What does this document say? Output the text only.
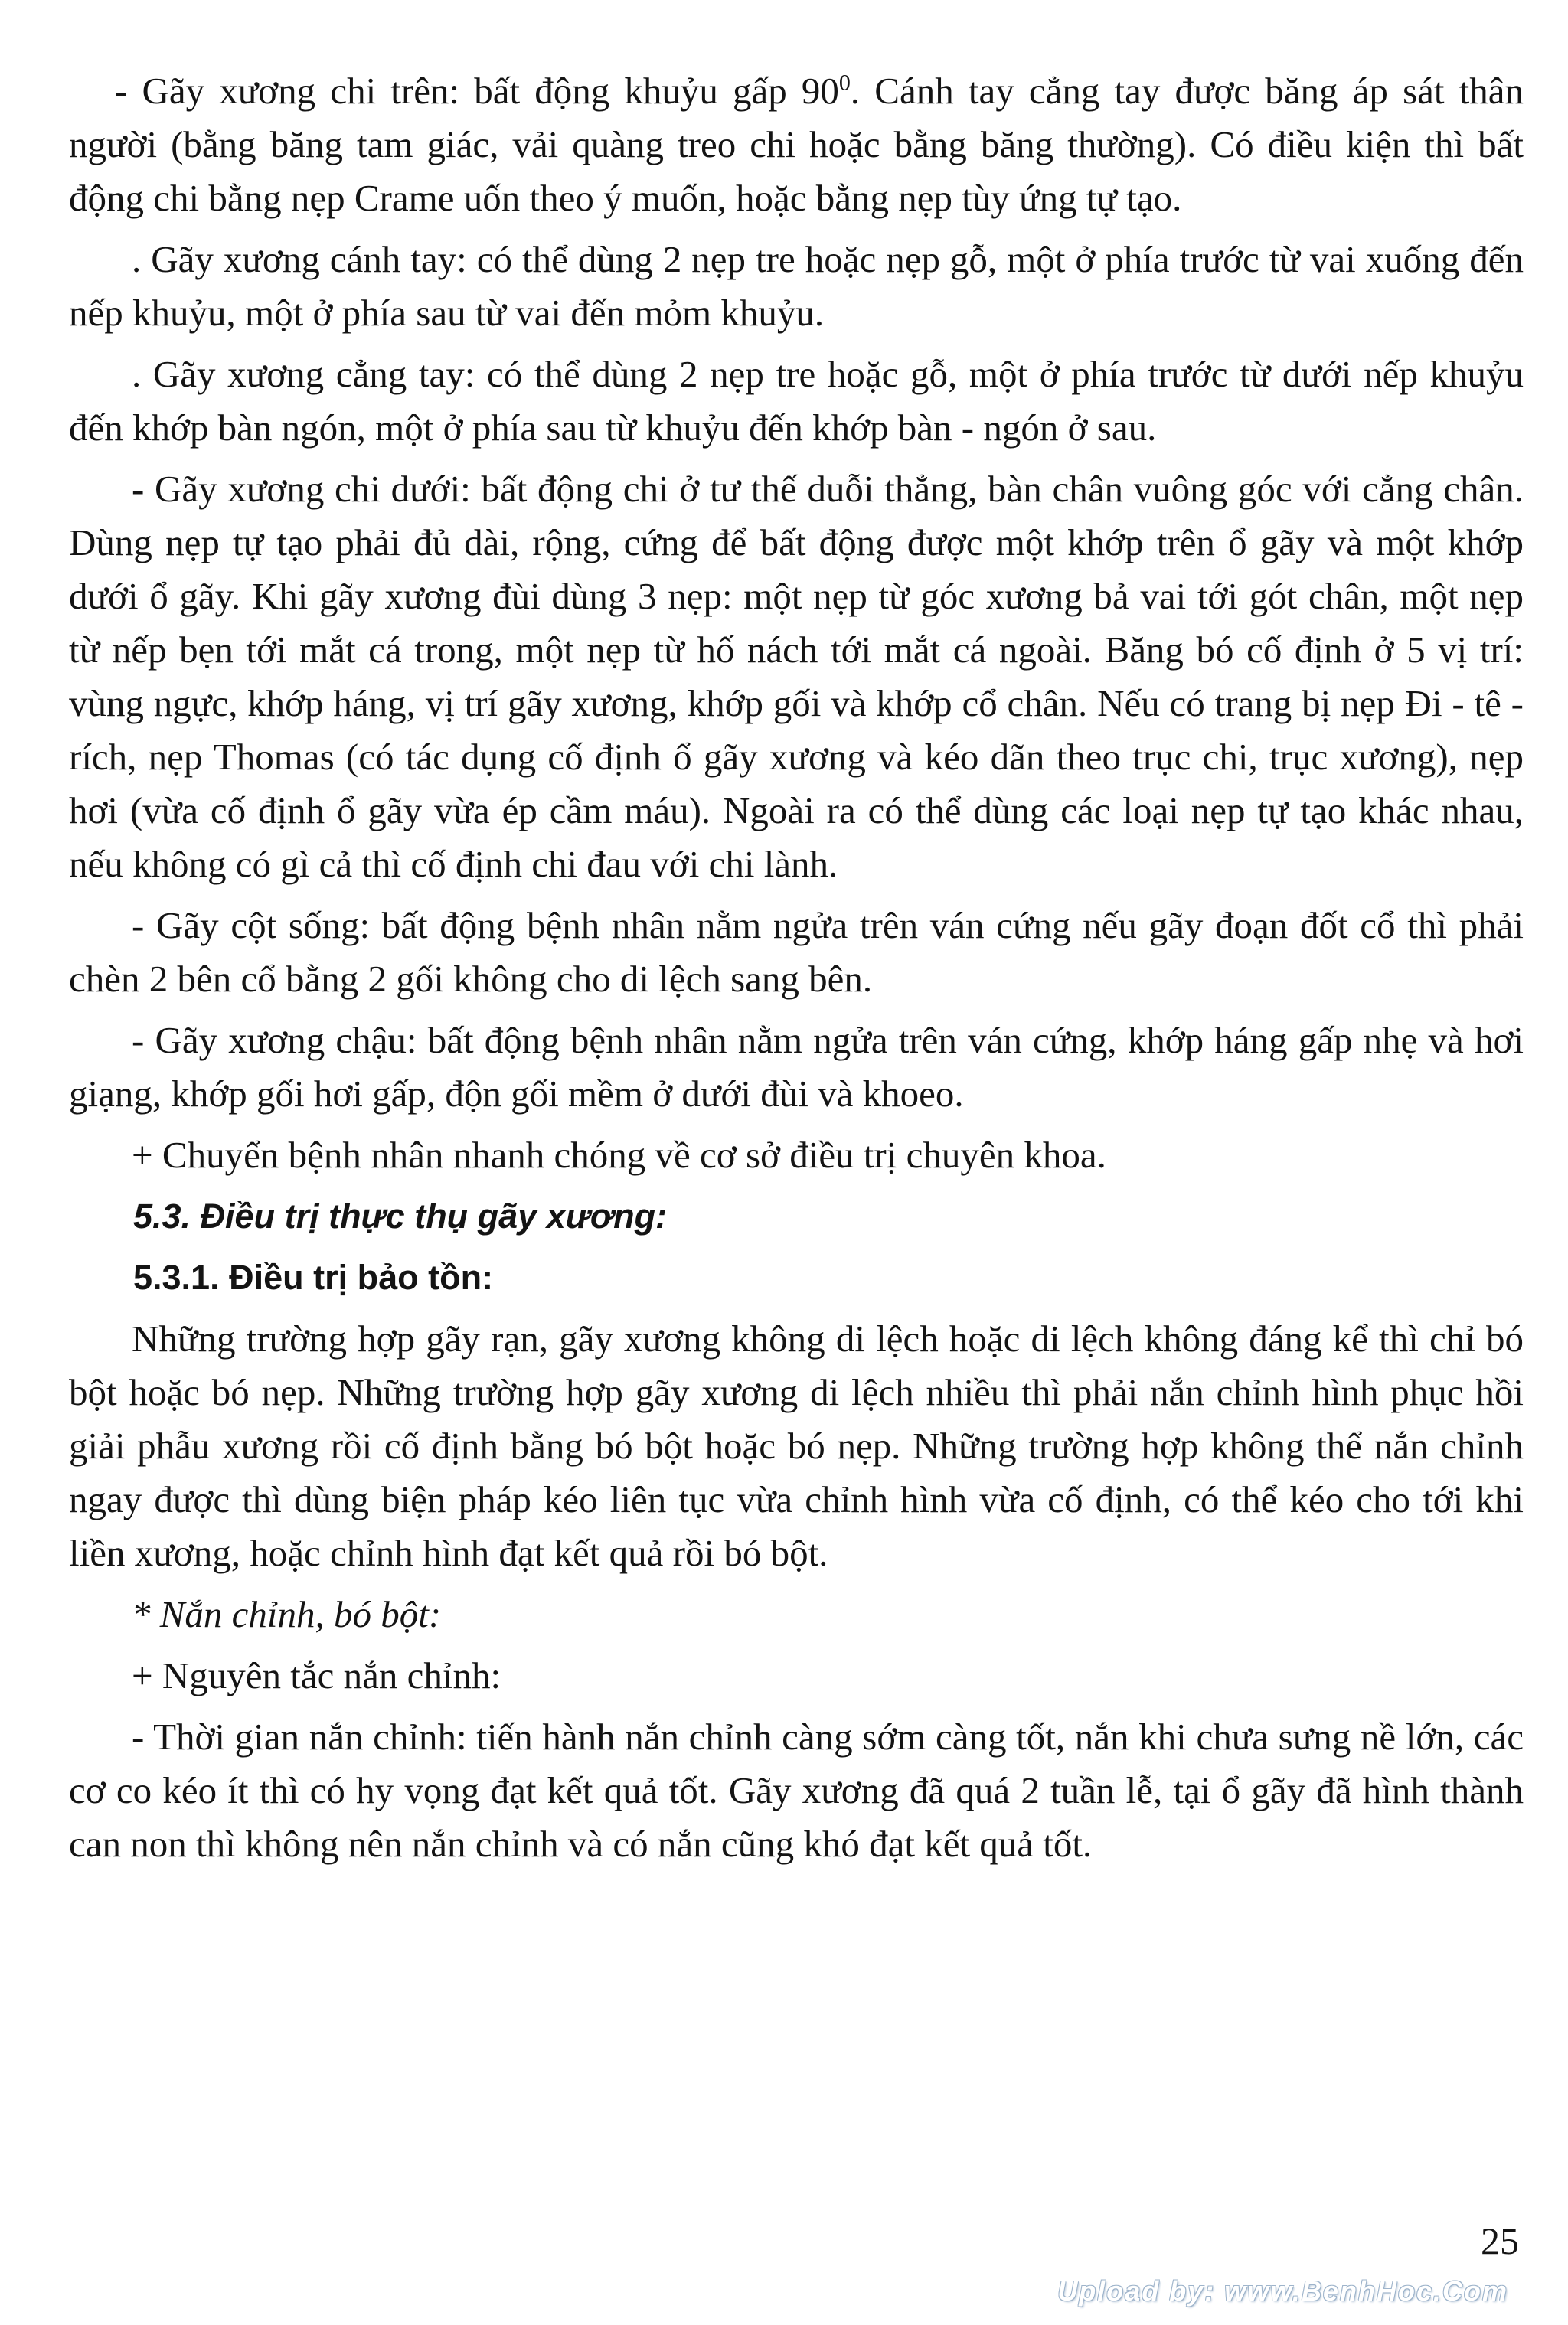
- Gãy xương chi trên: bất động khuỷu gấp $90^0$. Cánh tay cẳng tay được băng áp sát thân người (bằng băng tam giác, vải quàng treo chi hoặc bằng băng thường). Có điều kiện thì bất động chi bằng nẹp Crame uốn theo ý muốn, hoặc bằng nẹp tùy ứng tự tạo.

. Gãy xương cánh tay: có thể dùng 2 nẹp tre hoặc nẹp gỗ, một ở phía trước từ vai xuống đến nếp khuỷu, một ở phía sau từ vai đến mỏm khuỷu.

. Gãy xương cẳng tay: có thể dùng 2 nẹp tre hoặc gỗ, một ở phía trước từ dưới nếp khuỷu đến khớp bàn ngón, một ở phía sau từ khuỷu đến khớp bàn - ngón ở sau.

- Gãy xương chi dưới: bất động chi ở tư thế duỗi thẳng, bàn chân vuông góc với cẳng chân. Dùng nẹp tự tạo phải đủ dài, rộng, cứng để bất động được một khớp trên ổ gãy và một khớp dưới ổ gãy. Khi gãy xương đùi dùng 3 nẹp: một nẹp từ góc xương bả vai tới gót chân, một nẹp từ nếp bẹn tới mắt cá trong, một nẹp từ hố nách tới mắt cá ngoài. Băng bó cố định ở 5 vị trí: vùng ngực, khớp háng, vị trí gãy xương, khớp gối và khớp cổ chân. Nếu có trang bị nẹp Đi - tê - rích, nẹp Thomas (có tác dụng cố định ổ gãy xương và kéo dãn theo trục chi, trục xương), nẹp hơi (vừa cố định ổ gãy vừa ép cầm máu). Ngoài ra có thể dùng các loại nẹp tự tạo khác nhau, nếu không có gì cả thì cố định chi đau với chi lành.

- Gãy cột sống: bất động bệnh nhân nằm ngửa trên ván cứng nếu gãy đoạn đốt cổ thì phải chèn 2 bên cổ bằng 2 gối không cho di lệch sang bên.

- Gãy xương chậu: bất động bệnh nhân nằm ngửa trên ván cứng, khớp háng gấp nhẹ và hơi giạng, khớp gối hơi gấp, độn gối mềm ở dưới đùi và khoeo.

+ Chuyển bệnh nhân nhanh chóng về cơ sở điều trị chuyên khoa.

5.3. Điều trị thực thụ gãy xương:
5.3.1. Điều trị bảo tồn:

Những trường hợp gãy rạn, gãy xương không di lệch hoặc di lệch không đáng kể thì chỉ bó bột hoặc bó nẹp. Những trường hợp gãy xương di lệch nhiều thì phải nắn chỉnh hình phục hồi giải phẫu xương rồi cố định bằng bó bột hoặc bó nẹp. Những trường hợp không thể nắn chỉnh ngay được thì dùng biện pháp kéo liên tục vừa chỉnh hình vừa cố định, có thể kéo cho tới khi liền xương, hoặc chỉnh hình đạt kết quả rồi bó bột.

* Nắn chỉnh, bó bột:

+ Nguyên tắc nắn chỉnh:

- Thời gian nắn chỉnh: tiến hành nắn chỉnh càng sớm càng tốt, nắn khi chưa sưng nề lớn, các cơ co kéo ít thì có hy vọng đạt kết quả tốt. Gãy xương đã quá 2 tuần lễ, tại ổ gãy đã hình thành can non thì không nên nắn chỉnh và có nắn cũng khó đạt kết quả tốt.

25
Upload by: www.BenhHoc.Com
